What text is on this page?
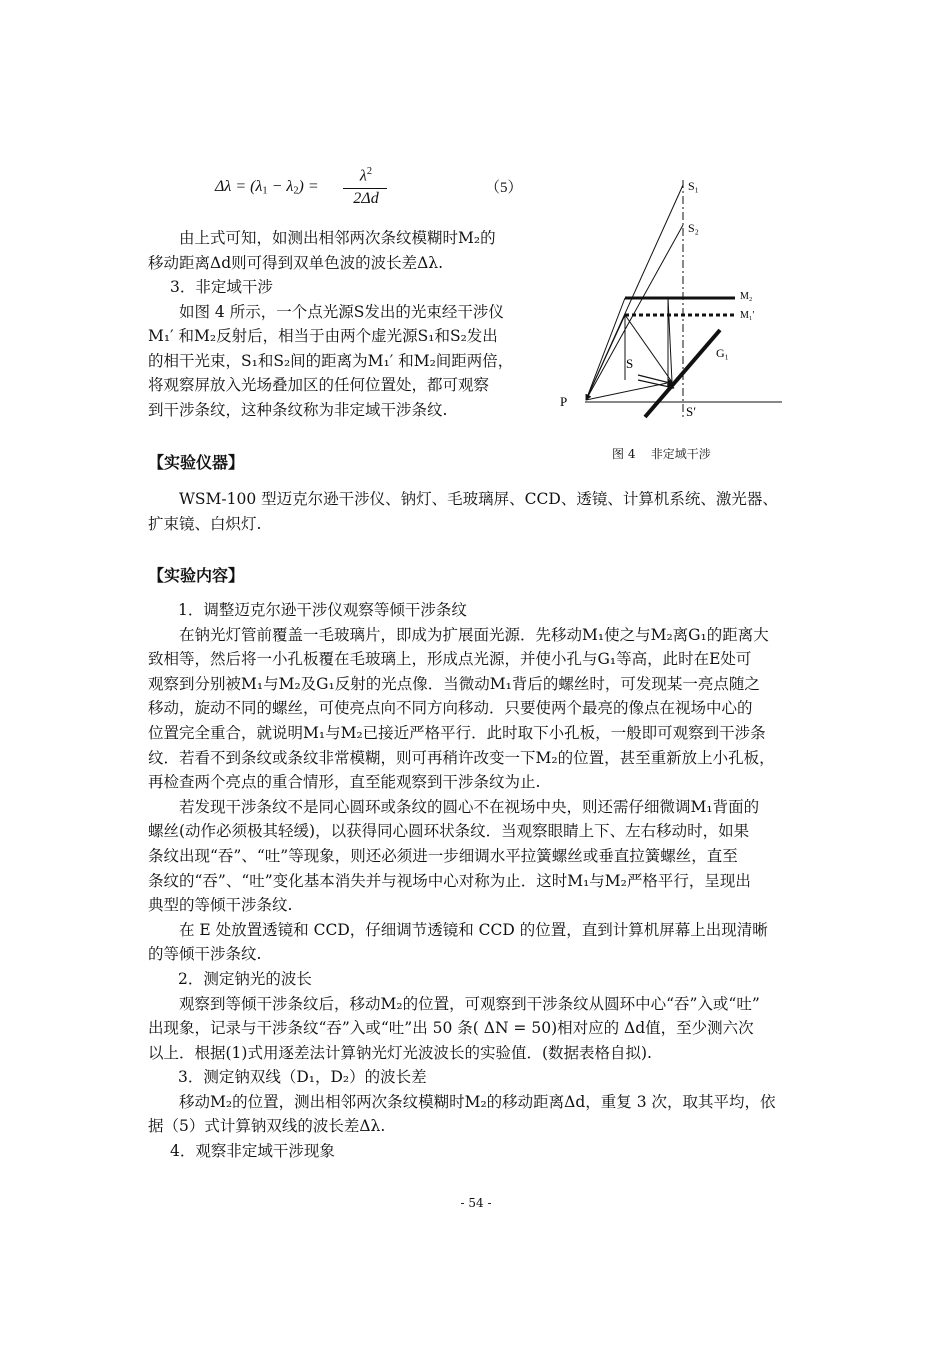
$\Delta\lambda = (\lambda_1 - \lambda_2)$ =
$\lambda^2$
2Δd
（5）
由上式可知，如测出相邻两次条纹模糊时M₂的
移动距离Δd则可得到双单色波的波长差Δλ.
3．非定域干涉
如图 4 所示，一个点光源S发出的光束经干涉仪
M₁′ 和M₂反射后，相当于由两个虚光源S₁和S₂发出
的相干光束，S₁和S₂间的距离为M₁′ 和M₂间距两倍，
将观察屏放入光场叠加区的任何位置处，都可观察
到干涉条纹，这种条纹称为非定域干涉条纹.
S₁
S₂
M₂
M₁′
G₁
S
P
S′
图 4    非定域干涉
【实验仪器】
WSM-100 型迈克尔逊干涉仪、钠灯、毛玻璃屏、CCD、透镜、计算机系统、激光器、
扩束镜、白炽灯.
【实验内容】
1．调整迈克尔逊干涉仪观察等倾干涉条纹
在钠光灯管前覆盖一毛玻璃片，即成为扩展面光源．先移动M₁使之与M₂离G₁的距离大
致相等，然后将一小孔板覆在毛玻璃上，形成点光源，并使小孔与G₁等高，此时在E处可
观察到分别被M₁与M₂及G₁反射的光点像．当微动M₁背后的螺丝时，可发现某一亮点随之
移动，旋动不同的螺丝，可使亮点向不同方向移动．只要使两个最亮的像点在视场中心的
位置完全重合，就说明M₁与M₂已接近严格平行．此时取下小孔板，一般即可观察到干涉条
纹．若看不到条纹或条纹非常模糊，则可再稍许改变一下M₂的位置，甚至重新放上小孔板，
再检查两个亮点的重合情形，直至能观察到干涉条纹为止.
若发现干涉条纹不是同心圆环或条纹的圆心不在视场中央，则还需仔细微调M₁背面的
螺丝(动作必须极其轻缓)，以获得同心圆环状条纹．当观察眼睛上下、左右移动时，如果
条纹出现“吞”、“吐”等现象，则还必须进一步细调水平拉簧螺丝或垂直拉簧螺丝，直至
条纹的“吞”、“吐”变化基本消失并与视场中心对称为止．这时M₁与M₂严格平行，呈现出
典型的等倾干涉条纹.
在 E 处放置透镜和 CCD，仔细调节透镜和 CCD 的位置，直到计算机屏幕上出现清晰
的等倾干涉条纹.
2．测定钠光的波长
观察到等倾干涉条纹后，移动M₂的位置，可观察到干涉条纹从圆环中心“吞”入或“吐”
出现象，记录与干涉条纹“吞”入或“吐”出 50 条( ΔN = 50)相对应的 Δd值，至少测六次
以上．根据(1)式用逐差法计算钠光灯光波波长的实验值．(数据表格自拟).
3．测定钠双线（D₁，D₂）的波长差
移动M₂的位置，测出相邻两次条纹模糊时M₂的移动距离Δd，重复 3 次，取其平均，依
据（5）式计算钠双线的波长差Δλ.
4．观察非定域干涉现象
- 54 -
